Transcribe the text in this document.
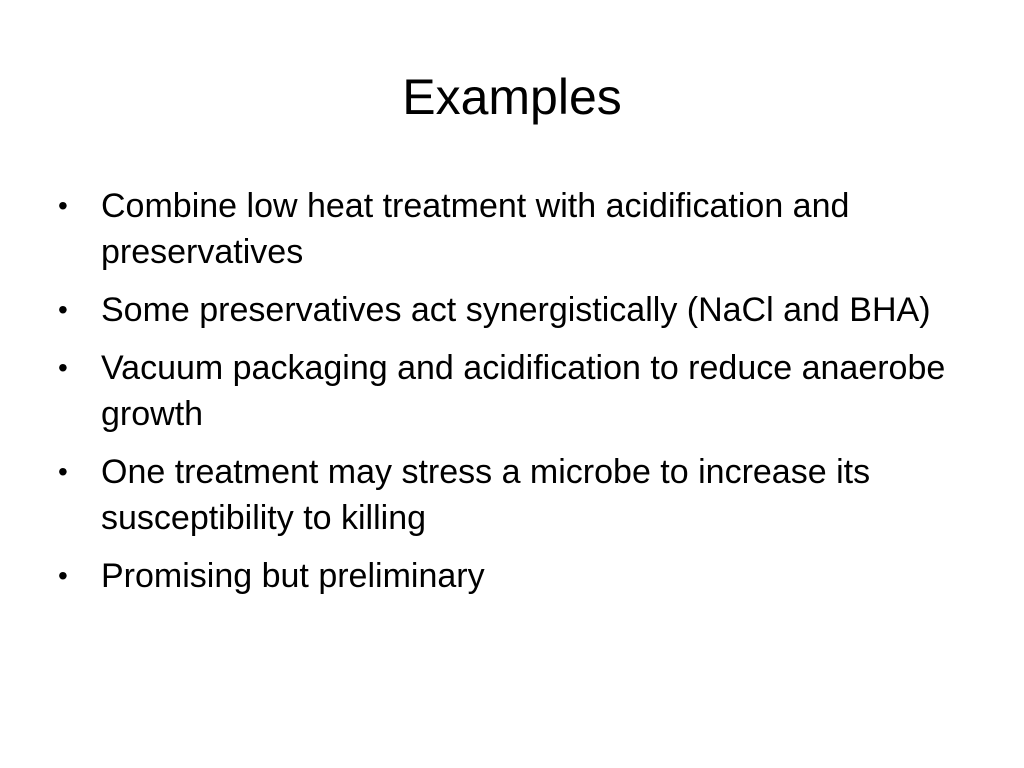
Examples
• Combine low heat treatment with acidification and preservatives
• Some preservatives act synergistically (NaCl and BHA)
• Vacuum packaging and acidification to reduce anaerobe growth
• One treatment may stress a microbe to increase its susceptibility to killing
• Promising but preliminary
